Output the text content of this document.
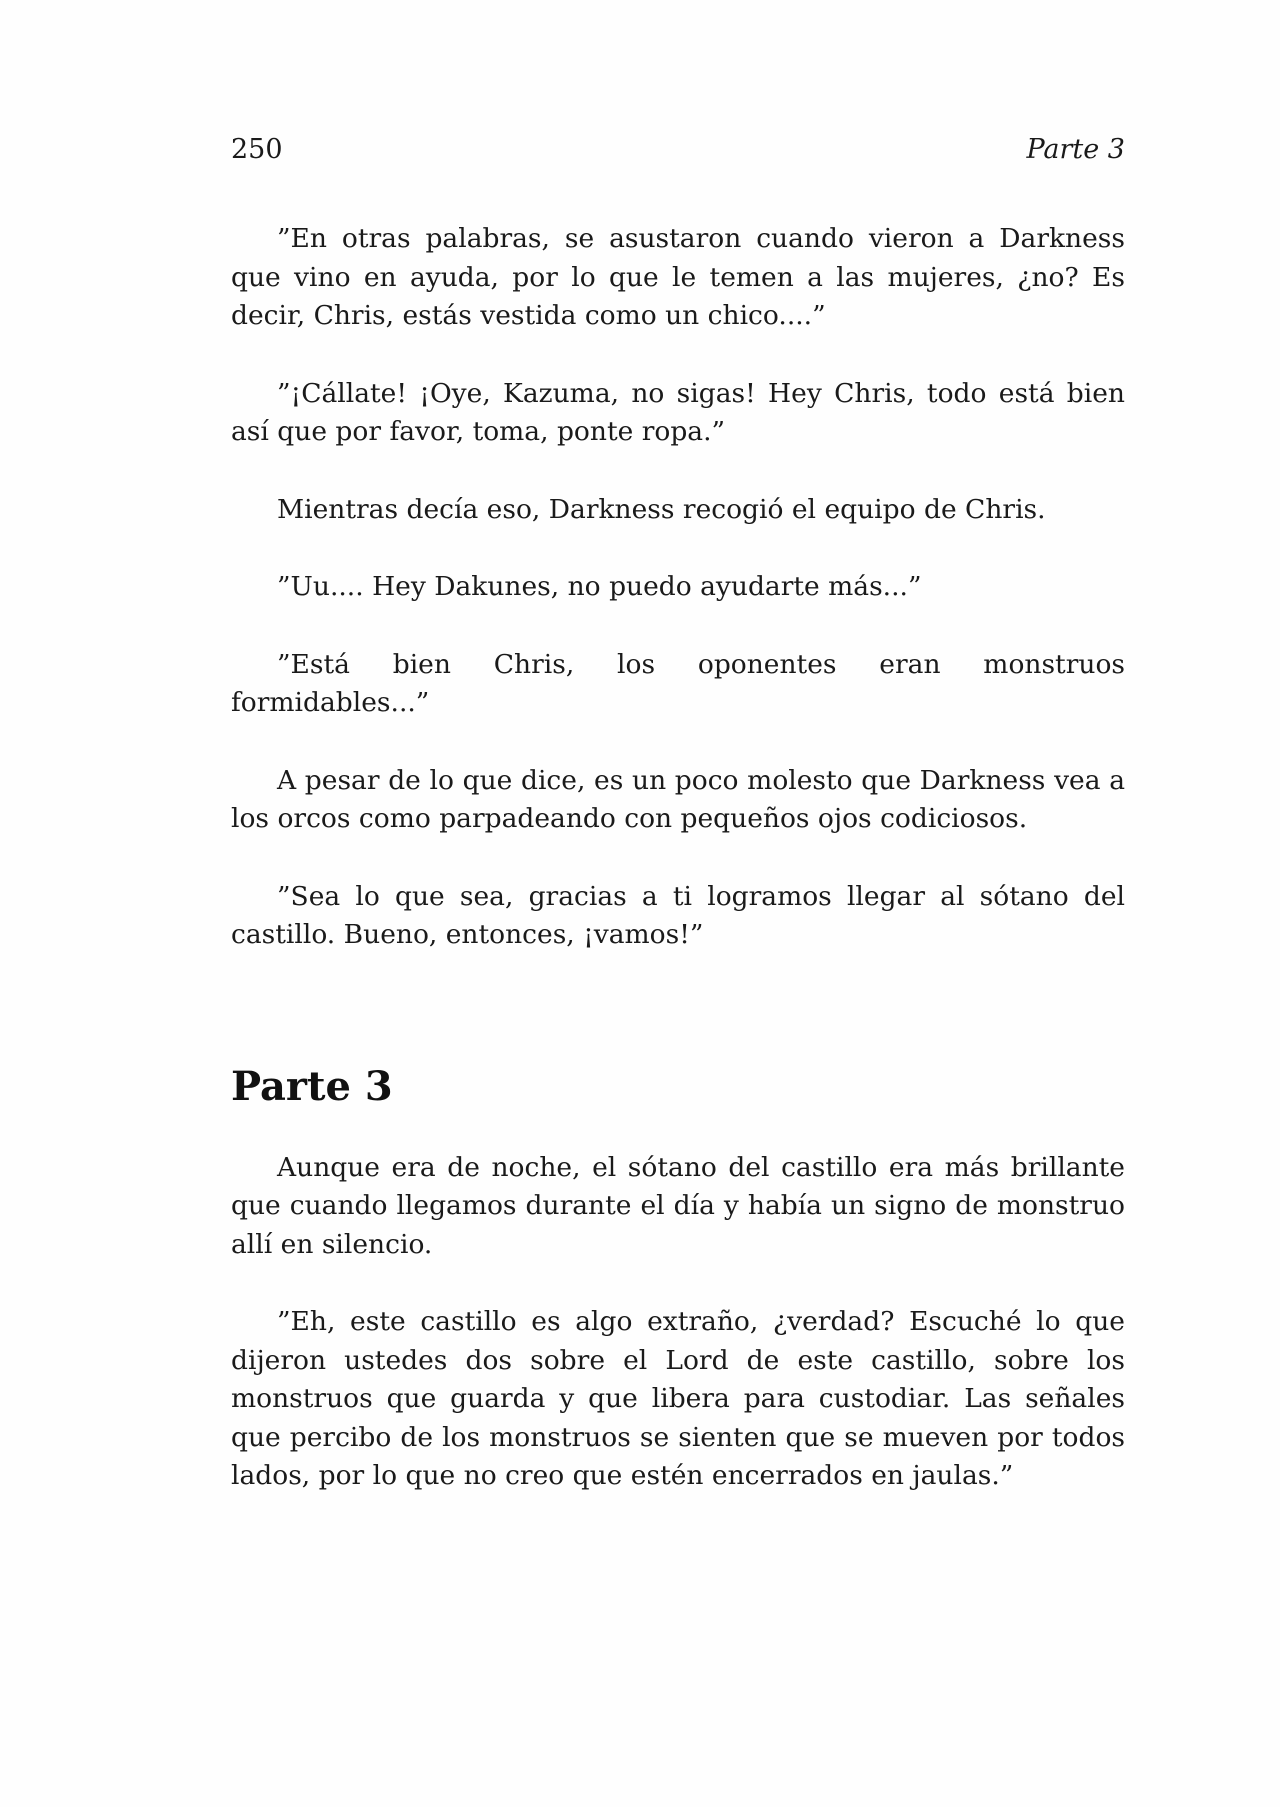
250	Parte 3

”En otras palabras, se asustaron cuando vieron a Darkness que vino en ayuda, por lo que le temen a las mujeres, ¿no? Es decir, Chris, estás vestida como un chico....”

”¡Cállate! ¡Oye, Kazuma, no sigas! Hey Chris, todo está bien así que por favor, toma, ponte ropa.”

Mientras decía eso, Darkness recogió el equipo de Chris.

”Uu.... Hey Dakunes, no puedo ayudarte más...”

”Está bien Chris, los oponentes eran monstruos formidables...”

A pesar de lo que dice, es un poco molesto que Darkness vea a los orcos como parpadeando con pequeños ojos codiciosos.

”Sea lo que sea, gracias a ti logramos llegar al sótano del castillo. Bueno, entonces, ¡vamos!”

Parte 3

Aunque era de noche, el sótano del castillo era más brillante que cuando llegamos durante el día y había un signo de monstruo allí en silencio.

”Eh, este castillo es algo extraño, ¿verdad? Escuché lo que dijeron ustedes dos sobre el Lord de este castillo, sobre los monstruos que guarda y que libera para custodiar. Las señales que percibo de los monstruos se sienten que se mueven por todos lados, por lo que no creo que estén encerrados en jaulas.”
